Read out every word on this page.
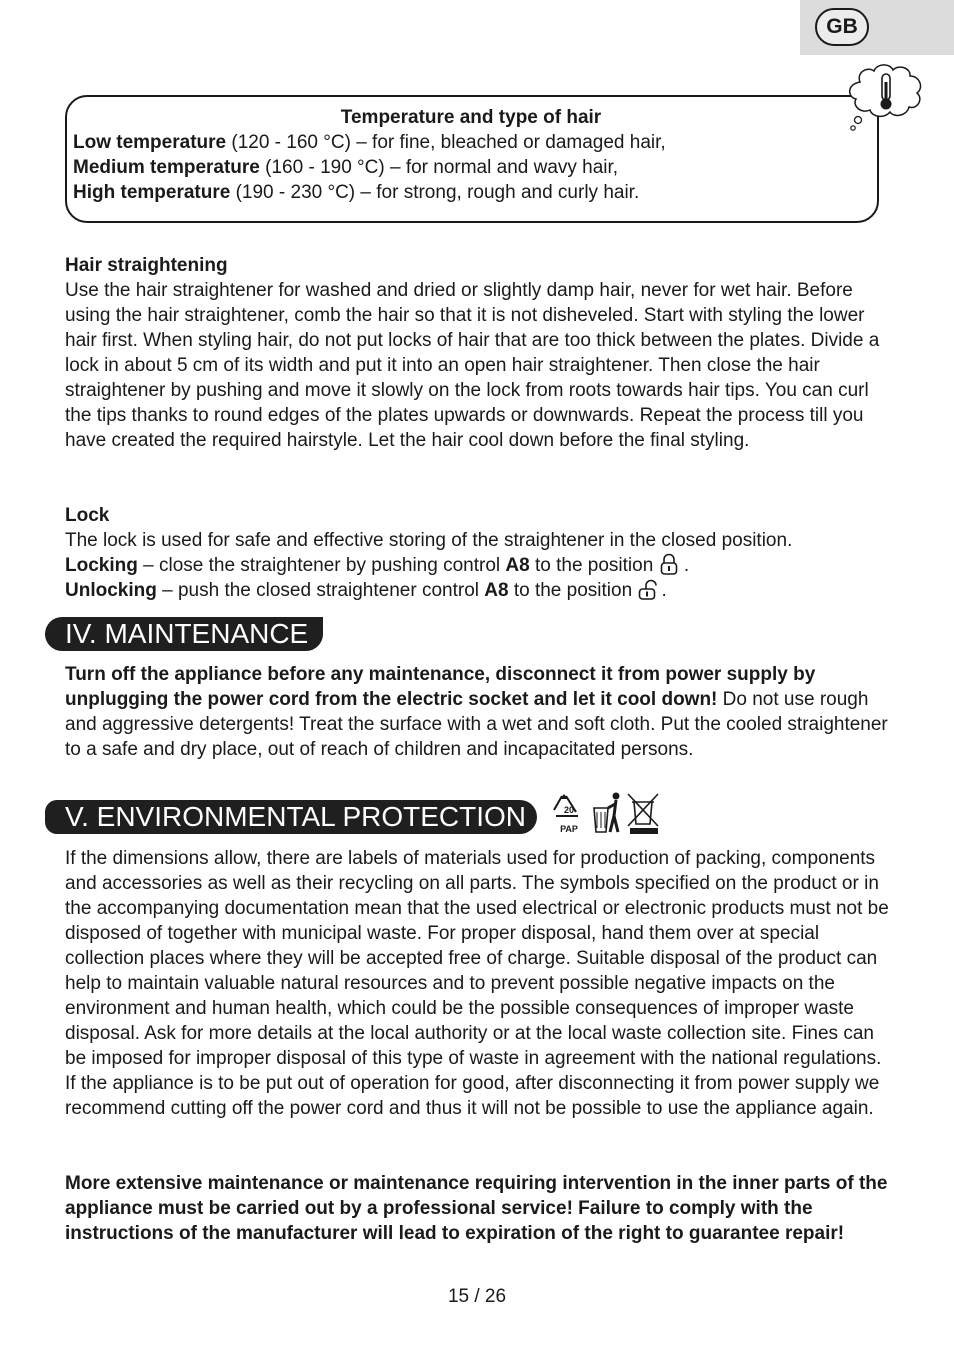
GB
Temperature and type of hair
Low temperature (120 - 160 °C) – for fine, bleached or damaged hair,
Medium temperature (160 - 190 °C) – for normal and wavy hair,
High temperature (190 - 230 °C) – for strong, rough and curly hair.

Hair straightening

Use the hair straightener for washed and dried or slightly damp hair, never for wet hair. Before using the hair straightener, comb the hair so that it is not disheveled. Start with styling the lower hair first. When styling hair, do not put locks of hair that are too thick between the plates. Divide a lock in about 5 cm of its width and put it into an open hair straightener. Then close the hair straightener by pushing and move it slowly on the lock from roots towards hair tips. You can curl the tips thanks to round edges of the plates upwards or downwards. Repeat the process till you have created the required hairstyle. Let the hair cool down before the final styling.

Lock

The lock is used for safe and effective storing of the straightener in the closed position.

Locking – close the straightener by pushing control A8 to the position  .

Unlocking – push the closed straightener control A8 to the position .

IV. MAINTENANCE

Turn off the appliance before any maintenance, disconnect it from power supply by unplugging the power cord from the electric socket and let it cool down! Do not use rough and aggressive detergents! Treat the surface with a wet and soft cloth. Put the cooled straightener to a safe and dry place, out of reach of children and incapacitated persons.

V. ENVIRONMENTAL PROTECTION	20
PAP

If the dimensions allow, there are labels of materials used for production of packing, components and accessories as well as their recycling on all parts. The symbols specified on the product or in the accompanying documentation mean that the used electrical or electronic products must not be disposed of together with municipal waste. For proper disposal, hand them over at special collection places where they will be accepted free of charge. Suitable disposal of the product can help to maintain valuable natural resources and to prevent possible negative impacts on the environment and human health, which could be the possible consequences of improper waste disposal. Ask for more details at the local authority or at the local waste collection site. Fines can be imposed for improper disposal of this type of waste in agreement with the national regulations. If the appliance is to be put out of operation for good, after disconnecting it from power supply we recommend cutting off the power cord and thus it will not be possible to use the appliance again.

More extensive maintenance or maintenance requiring intervention in the inner parts of the appliance must be carried out by a professional service! Failure to comply with the instructions of the manufacturer will lead to expiration of the right to guarantee repair!

15 / 26
